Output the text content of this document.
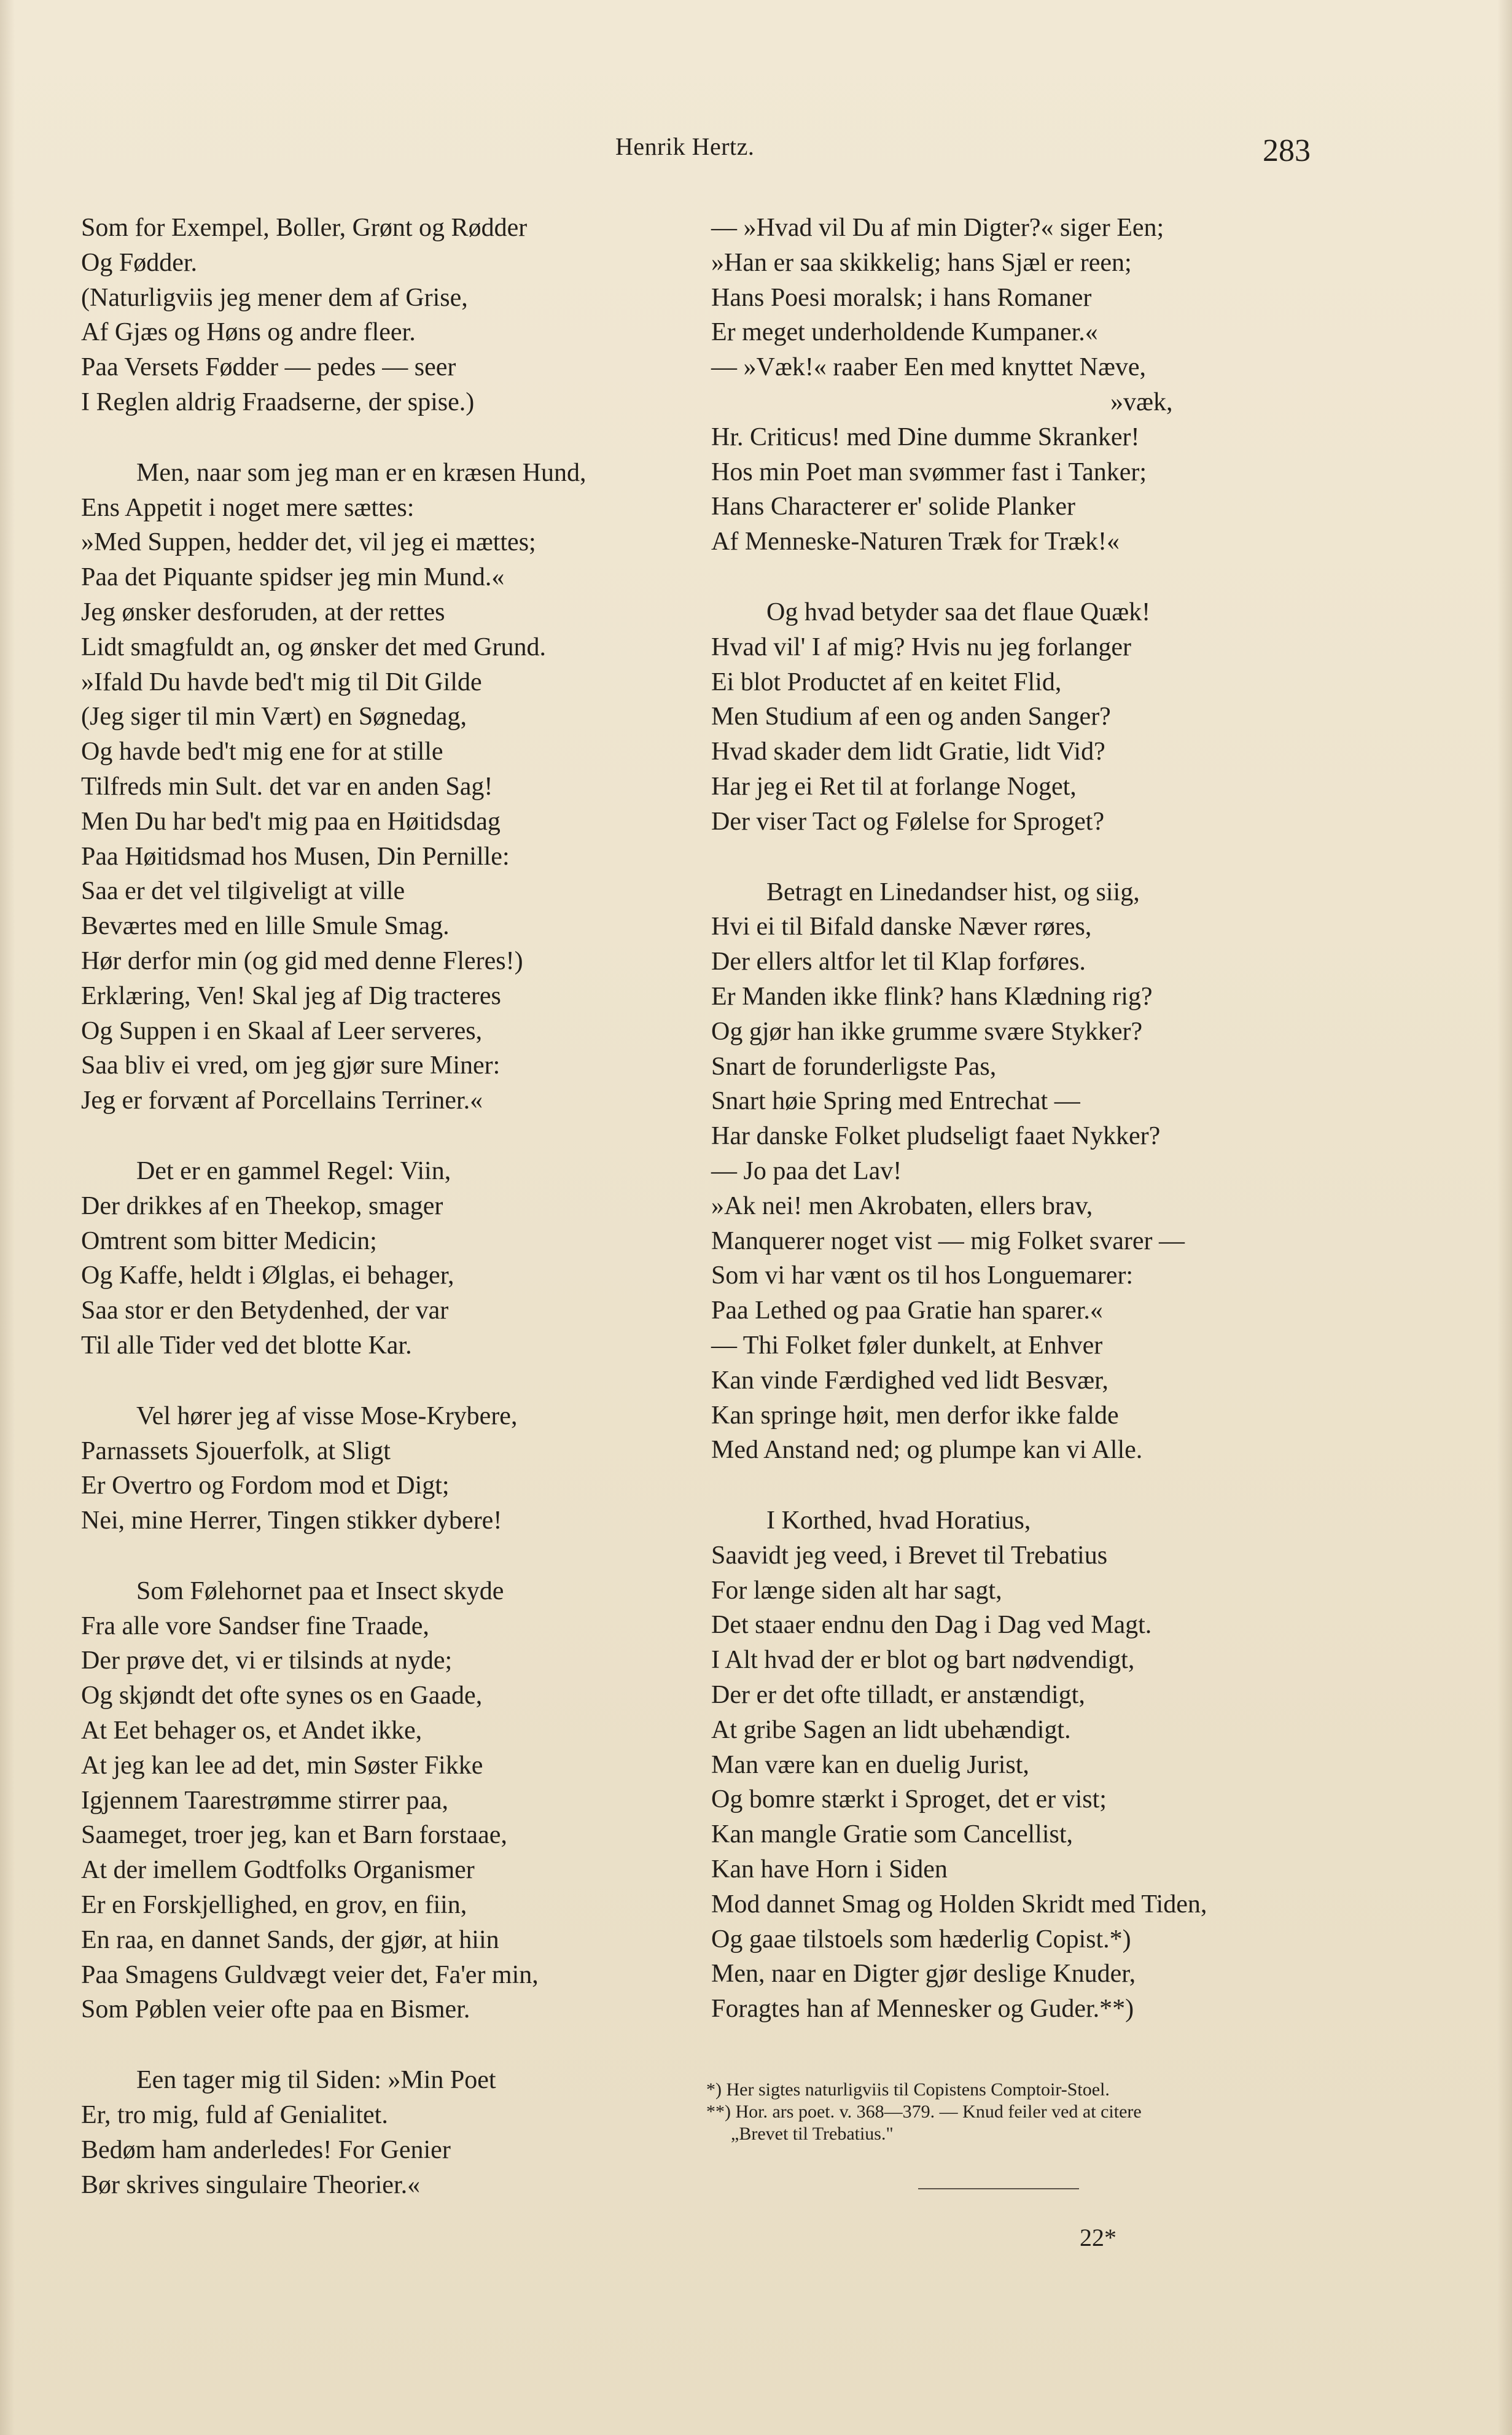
Henrik Hertz.	283
Som for Exempel, Boller, Grønt og Rødder
Og Fødder.
(Naturligviis jeg mener dem af Grise,
Af Gjæs og Høns og andre fleer.
Paa Versets Fødder — pedes — seer
I Reglen aldrig Fraadserne, der spise.)
Men, naar som jeg man er en kræsen Hund,
Ens Appetit i noget mere sættes:
»Med Suppen, hedder det, vil jeg ei mættes;
Paa det Piquante spidser jeg min Mund.«
Jeg ønsker desforuden, at der rettes
Lidt smagfuldt an, og ønsker det med Grund.
»Ifald Du havde bed't mig til Dit Gilde
(Jeg siger til min Vært) en Søgnedag,
Og havde bed't mig ene for at stille
Tilfreds min Sult. det var en anden Sag!
Men Du har bed't mig paa en Høitidsdag
Paa Høitidsmad hos Musen, Din Pernille:
Saa er det vel tilgiveligt at ville
Beværtes med en lille Smule Smag.
Hør derfor min (og gid med denne Fleres!)
Erklæring, Ven! Skal jeg af Dig tracteres
Og Suppen i en Skaal af Leer serveres,
Saa bliv ei vred, om jeg gjør sure Miner:
Jeg er forvænt af Porcellains Terriner.«
Det er en gammel Regel: Viin,
Der drikkes af en Theekop, smager
Omtrent som bitter Medicin;
Og Kaffe, heldt i Ølglas, ei behager,
Saa stor er den Betydenhed, der var
Til alle Tider ved det blotte Kar.
Vel hører jeg af visse Mose-Krybere,
Parnassets Sjouerfolk, at Sligt
Er Overtro og Fordom mod et Digt;
Nei, mine Herrer, Tingen stikker dybere!
Som Følehornet paa et Insect skyde
Fra alle vore Sandser fine Traade,
Der prøve det, vi er tilsinds at nyde;
Og skjøndt det ofte synes os en Gaade,
At Eet behager os, et Andet ikke,
At jeg kan lee ad det, min Søster Fikke
Igjennem Taarestrømme stirrer paa,
Saameget, troer jeg, kan et Barn forstaae,
At der imellem Godtfolks Organismer
Er en Forskjellighed, en grov, en fiin,
En raa, en dannet Sands, der gjør, at hiin
Paa Smagens Guldvægt veier det, Fa'er min,
Som Pøblen veier ofte paa en Bismer.
Een tager mig til Siden: »Min Poet
Er, tro mig, fuld af Genialitet.
Bedøm ham anderledes! For Genier
Bør skrives singulaire Theorier.«
— »Hvad vil Du af min Digter?« siger Een;
»Han er saa skikkelig; hans Sjæl er reen;
Hans Poesi moralsk; i hans Romaner
Er meget underholdende Kumpaner.«
— »Væk!« raaber Een med knyttet Næve,
»væk,
Hr. Criticus! med Dine dumme Skranker!
Hos min Poet man svømmer fast i Tanker;
Hans Characterer er' solide Planker
Af Menneske-Naturen Træk for Træk!«
Og hvad betyder saa det flaue Quæk!
Hvad vil' I af mig? Hvis nu jeg forlanger
Ei blot Productet af en keitet Flid,
Men Studium af een og anden Sanger?
Hvad skader dem lidt Gratie, lidt Vid?
Har jeg ei Ret til at forlange Noget,
Der viser Tact og Følelse for Sproget?
Betragt en Linedandser hist, og siig,
Hvi ei til Bifald danske Næver røres,
Der ellers altfor let til Klap forføres.
Er Manden ikke flink? hans Klædning rig?
Og gjør han ikke grumme svære Stykker?
Snart de forunderligste Pas,
Snart høie Spring med Entrechat —
Har danske Folket pludseligt faaet Nykker?
— Jo paa det Lav!
»Ak nei! men Akrobaten, ellers brav,
Manquerer noget vist — mig Folket svarer —
Som vi har vænt os til hos Longuemarer:
Paa Lethed og paa Gratie han sparer.«
— Thi Folket føler dunkelt, at Enhver
Kan vinde Færdighed ved lidt Besvær,
Kan springe høit, men derfor ikke falde
Med Anstand ned; og plumpe kan vi Alle.
I Korthed, hvad Horatius,
Saavidt jeg veed, i Brevet til Trebatius
For længe siden alt har sagt,
Det staaer endnu den Dag i Dag ved Magt.
I Alt hvad der er blot og bart nødvendigt,
Der er det ofte tilladt, er anstændigt,
At gribe Sagen an lidt ubehændigt.
Man være kan en duelig Jurist,
Og bomre stærkt i Sproget, det er vist;
Kan mangle Gratie som Cancellist,
Kan have Horn i Siden
Mod dannet Smag og Holden Skridt med Tiden,
Og gaae tilstoels som hæderlig Copist.*)
Men, naar en Digter gjør deslige Knuder,
Foragtes han af Mennesker og Guder.**)
*) Her sigtes naturligviis til Copistens Comptoir-Stoel.
**) Hor. ars poet. v. 368—379. — Knud feiler ved at citere
„Brevet til Trebatius."
22*
